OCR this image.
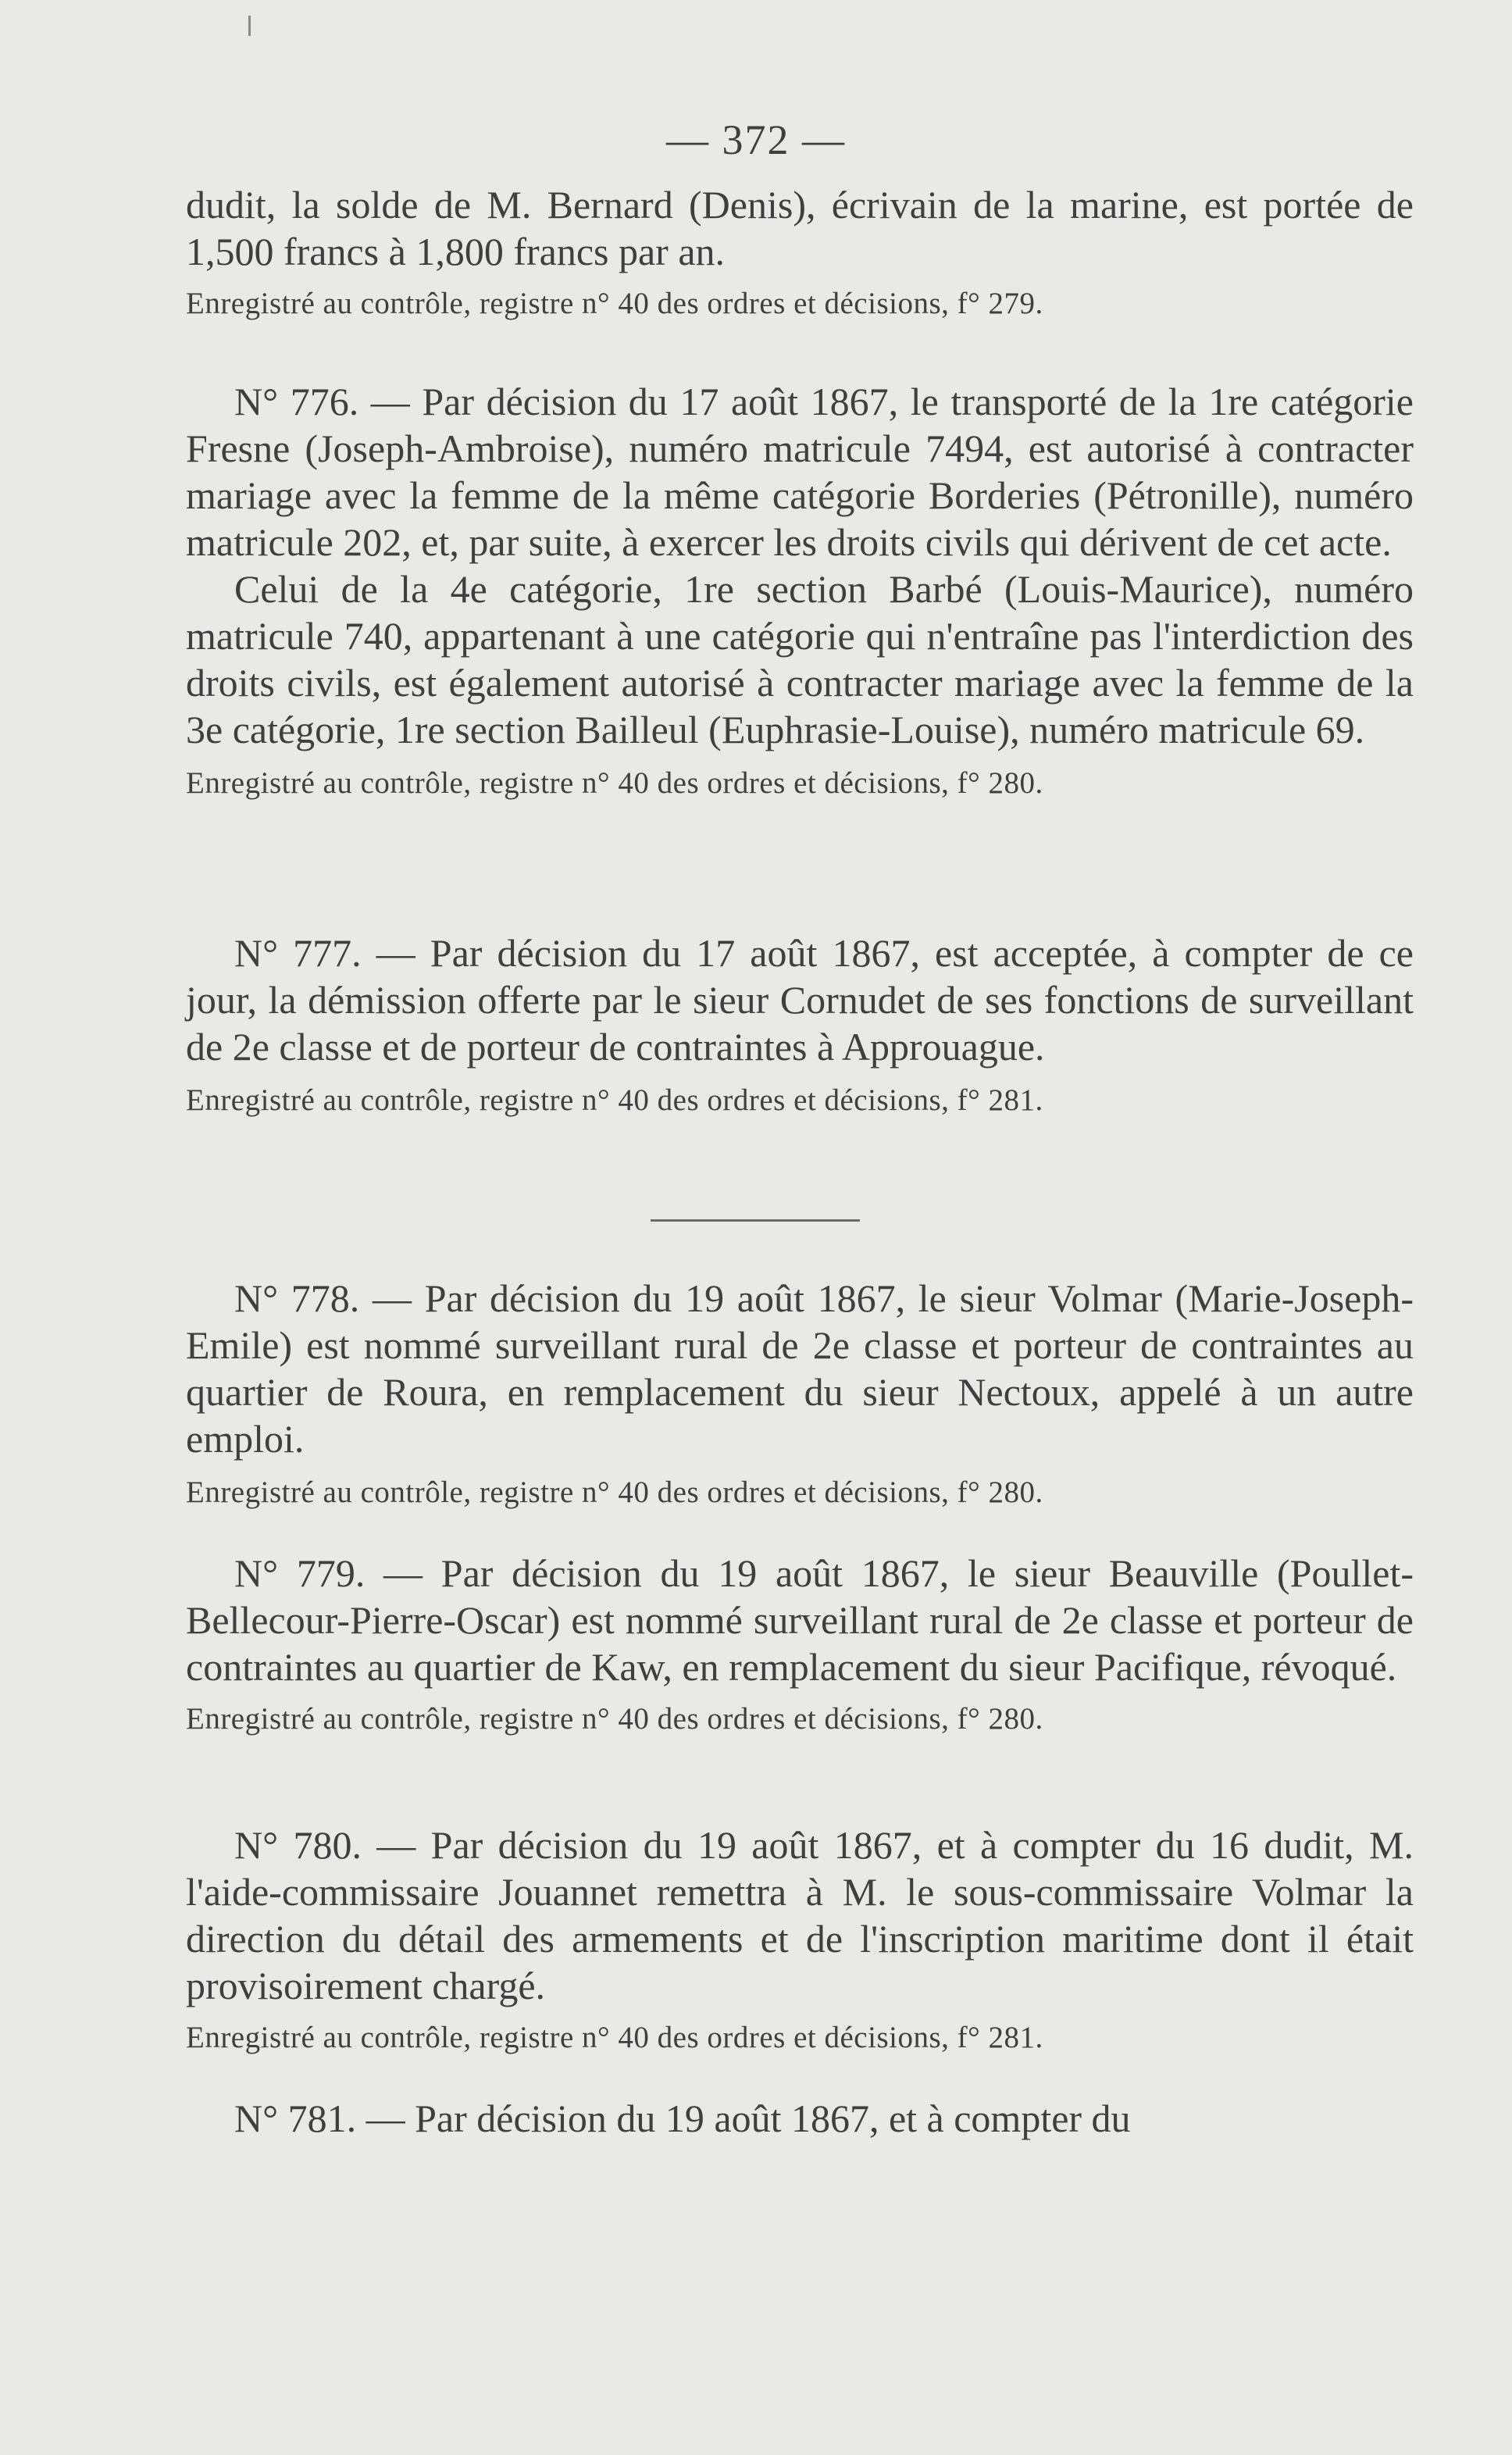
— 372 —

dudit, la solde de M. Bernard (Denis), écrivain de la marine, est portée de 1,500 francs à 1,800 francs par an.

Enregistré au contrôle, registre n° 40 des ordres et décisions, f° 279.

N° 776. — Par décision du 17 août 1867, le transporté de la 1re catégorie Fresne (Joseph-Ambroise), numéro matricule 7494, est autorisé à contracter mariage avec la femme de la même catégorie Borderies (Pétronille), numéro matricule 202, et, par suite, à exercer les droits civils qui dérivent de cet acte.

Celui de la 4e catégorie, 1re section Barbé (Louis-Maurice), numéro matricule 740, appartenant à une catégorie qui n'entraîne pas l'interdiction des droits civils, est également autorisé à contracter mariage avec la femme de la 3e catégorie, 1re section Bailleul (Euphrasie-Louise), numéro matricule 69.

Enregistré au contrôle, registre n° 40 des ordres et décisions, f° 280.

N° 777. — Par décision du 17 août 1867, est acceptée, à compter de ce jour, la démission offerte par le sieur Cornudet de ses fonctions de surveillant de 2e classe et de porteur de contraintes à Approuague.

Enregistré au contrôle, registre n° 40 des ordres et décisions, f° 281.

N° 778. — Par décision du 19 août 1867, le sieur Volmar (Marie-Joseph-Emile) est nommé surveillant rural de 2e classe et porteur de contraintes au quartier de Roura, en remplacement du sieur Nectoux, appelé à un autre emploi.

Enregistré au contrôle, registre n° 40 des ordres et décisions, f° 280.

N° 779. — Par décision du 19 août 1867, le sieur Beauville (Poullet-Bellecour-Pierre-Oscar) est nommé surveillant rural de 2e classe et porteur de contraintes au quartier de Kaw, en remplacement du sieur Pacifique, révoqué.

Enregistré au contrôle, registre n° 40 des ordres et décisions, f° 280.

N° 780. — Par décision du 19 août 1867, et à compter du 16 dudit, M. l'aide-commissaire Jouannet remettra à M. le sous-commissaire Volmar la direction du détail des armements et de l'inscription maritime dont il était provisoirement chargé.

Enregistré au contrôle, registre n° 40 des ordres et décisions, f° 281.

N° 781. — Par décision du 19 août 1867, et à compter du
